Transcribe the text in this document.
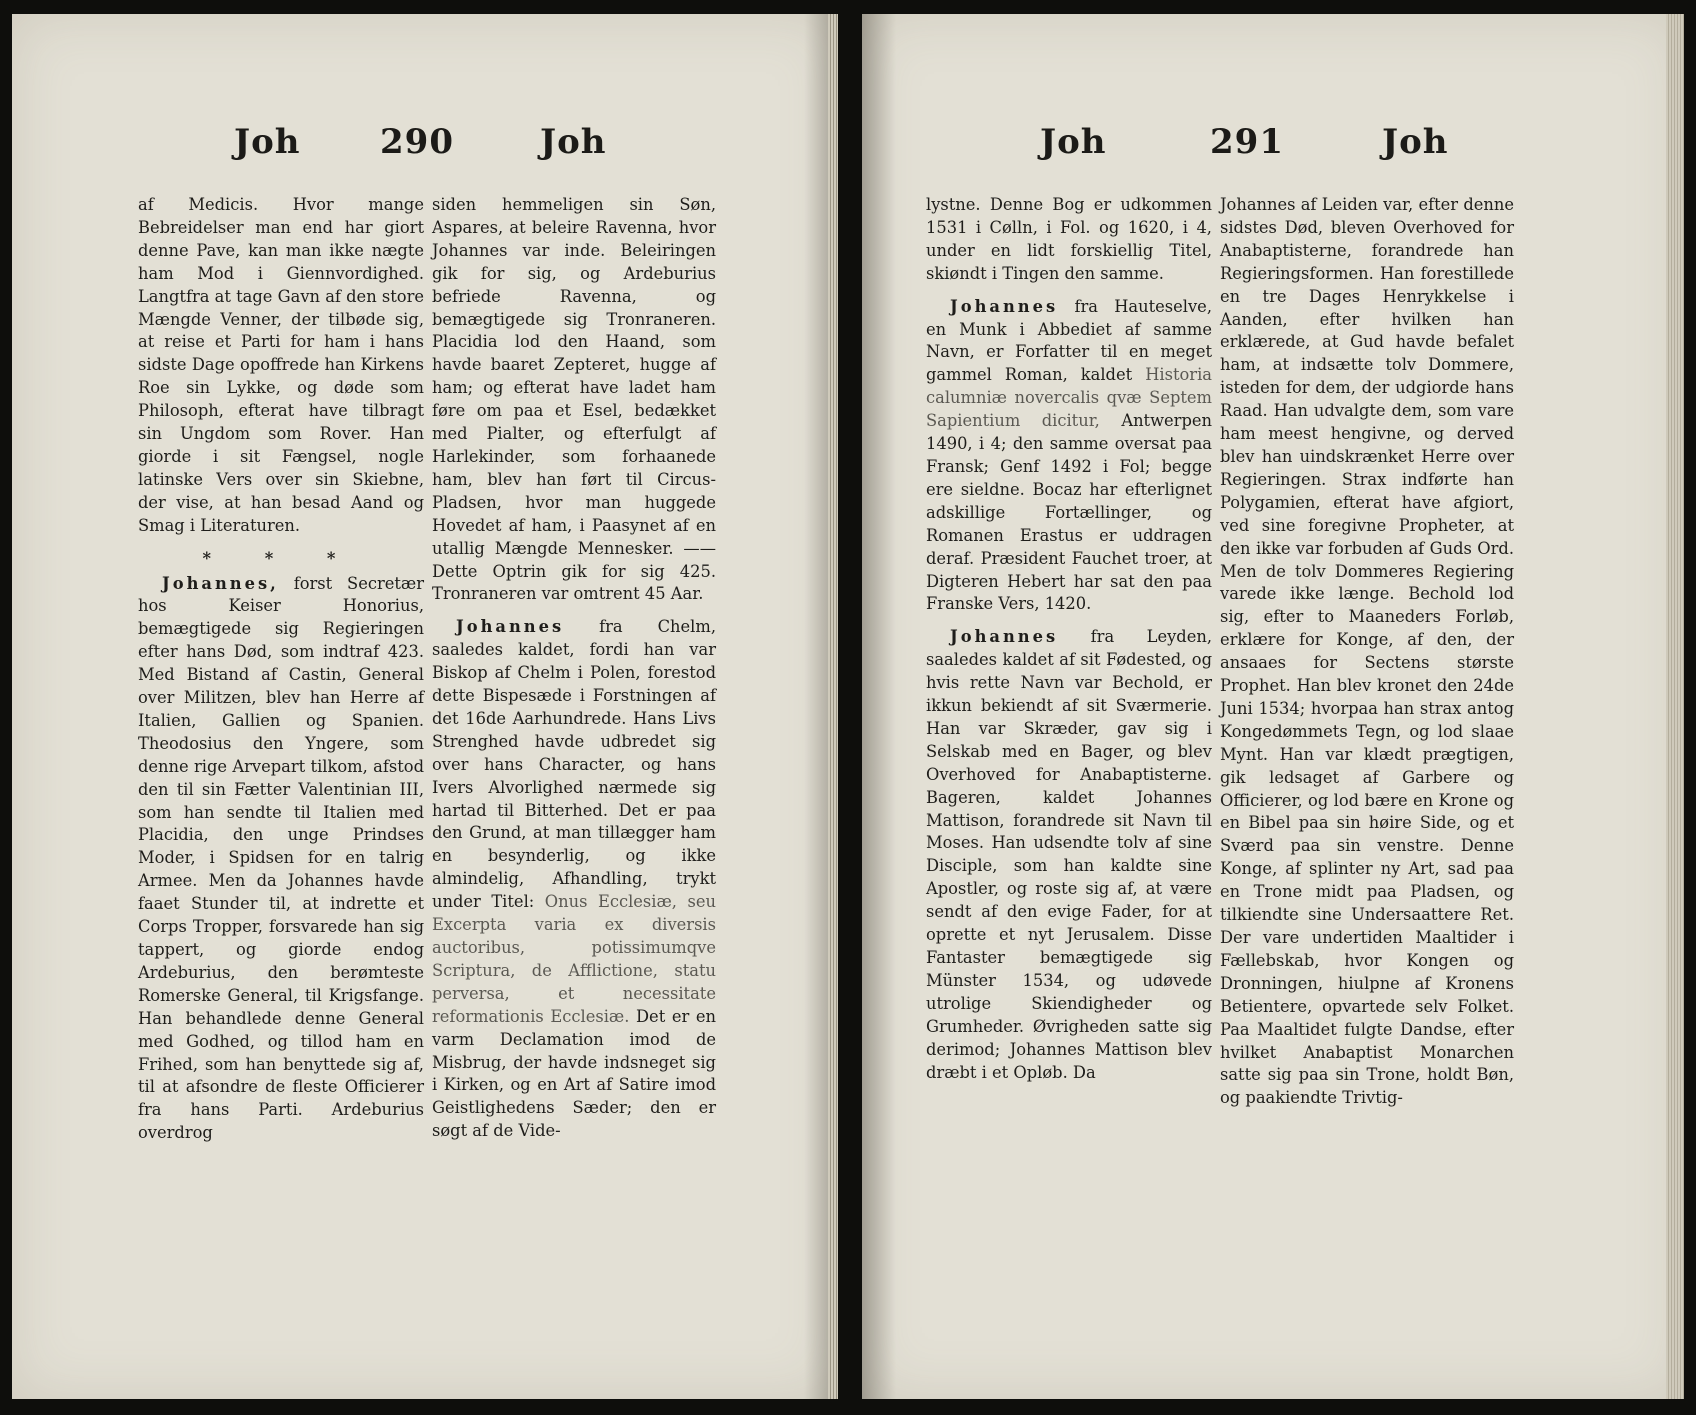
Joh 290	Joh

af Medicis. Hvor mange Bebreidelser man end har giort denne Pave, kan man ikke nægte ham Mod i Giennvordighed. Langtfra at tage Gavn af den store Mængde Venner, der tilbøde sig, at reise et Parti for ham i hans sidste Dage opoffrede han Kirkens Roe sin Lykke, og døde som Philosoph, efterat have tilbragt sin Ungdom som Rover. Han giorde i sit Fængsel, nogle latinske Vers over sin Skiebne, der vise, at han besad Aand og Smag i Literaturen.

* * *

Johannes, forst Secretær hos Keiser Honorius, bemægtigede sig Regieringen efter hans Død, som indtraf 423. Med Bistand af Castin, General over Militzen, blev han Herre af Italien, Gallien og Spanien. Theodosius den Yngere, som denne rige Arvepart tilkom, afstod den til sin Fætter Valentinian III, som han sendte til Italien med Placidia, den unge Prindses Moder, i Spidsen for en talrig Armee. Men da Johannes havde faaet Stunder til, at indrette et Corps Tropper, forsvarede han sig tappert, og giorde endog Ardeburius, den berømteste Romerske General, til Krigsfange. Han behandlede denne General med Godhed, og tillod ham en Frihed, som han benyttede sig af, til at afsondre de fleste Officierer fra hans Parti. Ardeburius overdrog

siden hemmeligen sin Søn, Aspares, at beleire Ravenna, hvor Johannes var inde. Beleiringen gik for sig, og Ardeburius befriede Ravenna, og bemægtigede sig Tronraneren. Placidia lod den Haand, som havde baaret Zepteret, hugge af ham; og efterat have ladet ham føre om paa et Esel, bedækket med Pialter, og efterfulgt af Harlekinder, som forhaanede ham, blev han ført til Circus-Pladsen, hvor man huggede Hovedet af ham, i Paasynet af en utallig Mængde Mennesker. —— Dette Optrin gik for sig 425. Tronraneren var omtrent 45 Aar.

Johannes fra Chelm, saaledes kaldet, fordi han var Biskop af Chelm i Polen, forestod dette Bispesæde i Forstningen af det 16de Aarhundrede. Hans Livs Strenghed havde udbredet sig over hans Character, og hans Ivers Alvorlighed nærmede sig hartad til Bitterhed. Det er paa den Grund, at man tillægger ham en besynderlig, og ikke almindelig, Afhandling, trykt under Titel: Onus Ecclesiæ, seu Excerpta varia ex diversis auctoribus, potissimumqve Scriptura, de Afflictione, statu perversa, et necessitate reformationis Ecclesiæ. Det er en varm Declamation imod de Misbrug, der havde indsneget sig i Kirken, og en Art af Satire imod Geistlighedens Sæder; den er søgt af de Vide-

Joh	291	Joh

lystne. Denne Bog er udkommen 1531 i Cølln, i Fol. og 1620, i 4, under en lidt forskiellig Titel, skiøndt i Tingen den samme.

Johannes fra Hauteselve, en Munk i Abbediet af samme Navn, er Forfatter til en meget gammel Roman, kaldet Historia calumniæ novercalis qvæ Septem Sapientium dicitur, Antwerpen 1490, i 4; den samme oversat paa Fransk; Genf 1492 i Fol; begge ere sieldne. Bocaz har efterlignet adskillige Fortællinger, og Romanen Erastus er uddragen deraf. Præsident Fauchet troer, at Digteren Hebert har sat den paa Franske Vers, 1420.

Johannes fra Leyden, saaledes kaldet af sit Fødested, og hvis rette Navn var Bechold, er ikkun bekiendt af sit Sværmerie. Han var Skræder, gav sig i Selskab med en Bager, og blev Overhoved for Anabaptisterne. Bageren, kaldet Johannes Mattison, forandrede sit Navn til Moses. Han udsendte tolv af sine Disciple, som han kaldte sine Apostler, og roste sig af, at være sendt af den evige Fader, for at oprette et nyt Jerusalem. Disse Fantaster bemægtigede sig Münster 1534, og udøvede utrolige Skiendigheder og Grumheder. Øvrigheden satte sig derimod; Johannes Mattison blev dræbt i et Opløb. Da

Johannes af Leiden var, efter denne sidstes Død, bleven Overhoved for Anabaptisterne, forandrede han Regieringsformen. Han forestillede en tre Dages Henrykkelse i Aanden, efter hvilken han erklærede, at Gud havde befalet ham, at indsætte tolv Dommere, isteden for dem, der udgiorde hans Raad. Han udvalgte dem, som vare ham meest hengivne, og derved blev han uindskrænket Herre over Regieringen. Strax indførte han Polygamien, efterat have afgiort, ved sine foregivne Propheter, at den ikke var forbuden af Guds Ord. Men de tolv Dommeres Regiering varede ikke længe. Bechold lod sig, efter to Maaneders Forløb, erklære for Konge, af den, der ansaaes for Sectens største Prophet. Han blev kronet den 24de Juni 1534; hvorpaa han strax antog Kongedømmets Tegn, og lod slaae Mynt. Han var klædt prægtigen, gik ledsaget af Garbere og Officierer, og lod bære en Krone og en Bibel paa sin høire Side, og et Sværd paa sin venstre. Denne Konge, af splinter ny Art, sad paa en Trone midt paa Pladsen, og tilkiendte sine Undersaattere Ret. Der vare undertiden Maaltider i Fællebskab, hvor Kongen og Dronningen, hiulpne af Kronens Betientere, opvartede selv Folket. Paa Maaltidet fulgte Dandse, efter hvilket Anabaptist Monarchen satte sig paa sin Trone, holdt Bøn, og paakiendte Trivtig-
